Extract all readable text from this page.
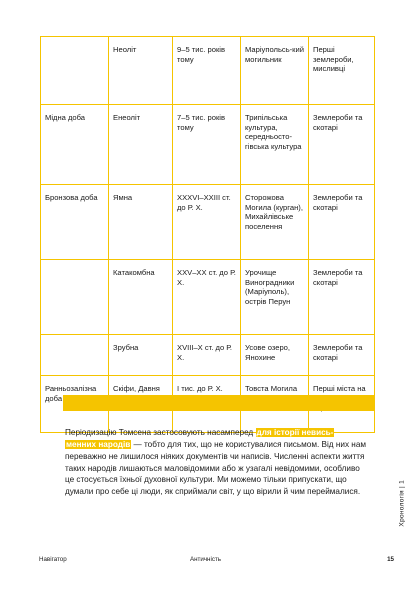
	Неоліт	9–5 тис. років тому	Маріупольсь-кий могильник	Перші землероби, мисливці
Мідна доба	Енеоліт	7–5 тис. років тому	Трипільська культура, середньосто-гівська культура	Землероби та скотарі
Бронзова доба	Ямна	XXXVI–XXIII ст. до Р. Х.	Сторожова Могила (курган), Михайлівське поселення	Землероби та скотарі
	Катакомбна	XXV–XX ст. до Р. Х.	Урочище Виноградники (Маріуполь), острів Перун	Землероби та скотарі
	Зрубна	XVIII–X ст. до Р. Х.	Усове озеро, Янохине	Землероби та скотарі
Ранньозалізна доба	Скіфи, Давня	I тис. до Р. Х.	Товста Могила	Перші міста на

Періодизацію Томсена застосовують насамперед для історії невись-
менних народів — тобто для тих, що не користувалися письмом. Від них нам переважно не лишилося ніяких документів чи написів. Численні аспекти життя таких народів лишаються маловідомими або ж узагалі невідомими, особливо це стосується їхньої духовної культури. Ми можемо тільки припускати, що думали про себе ці люди, як сприймали світ, у що вірили й чим переймалися.	Хронологія | 1
Навігатор	Античність	15
